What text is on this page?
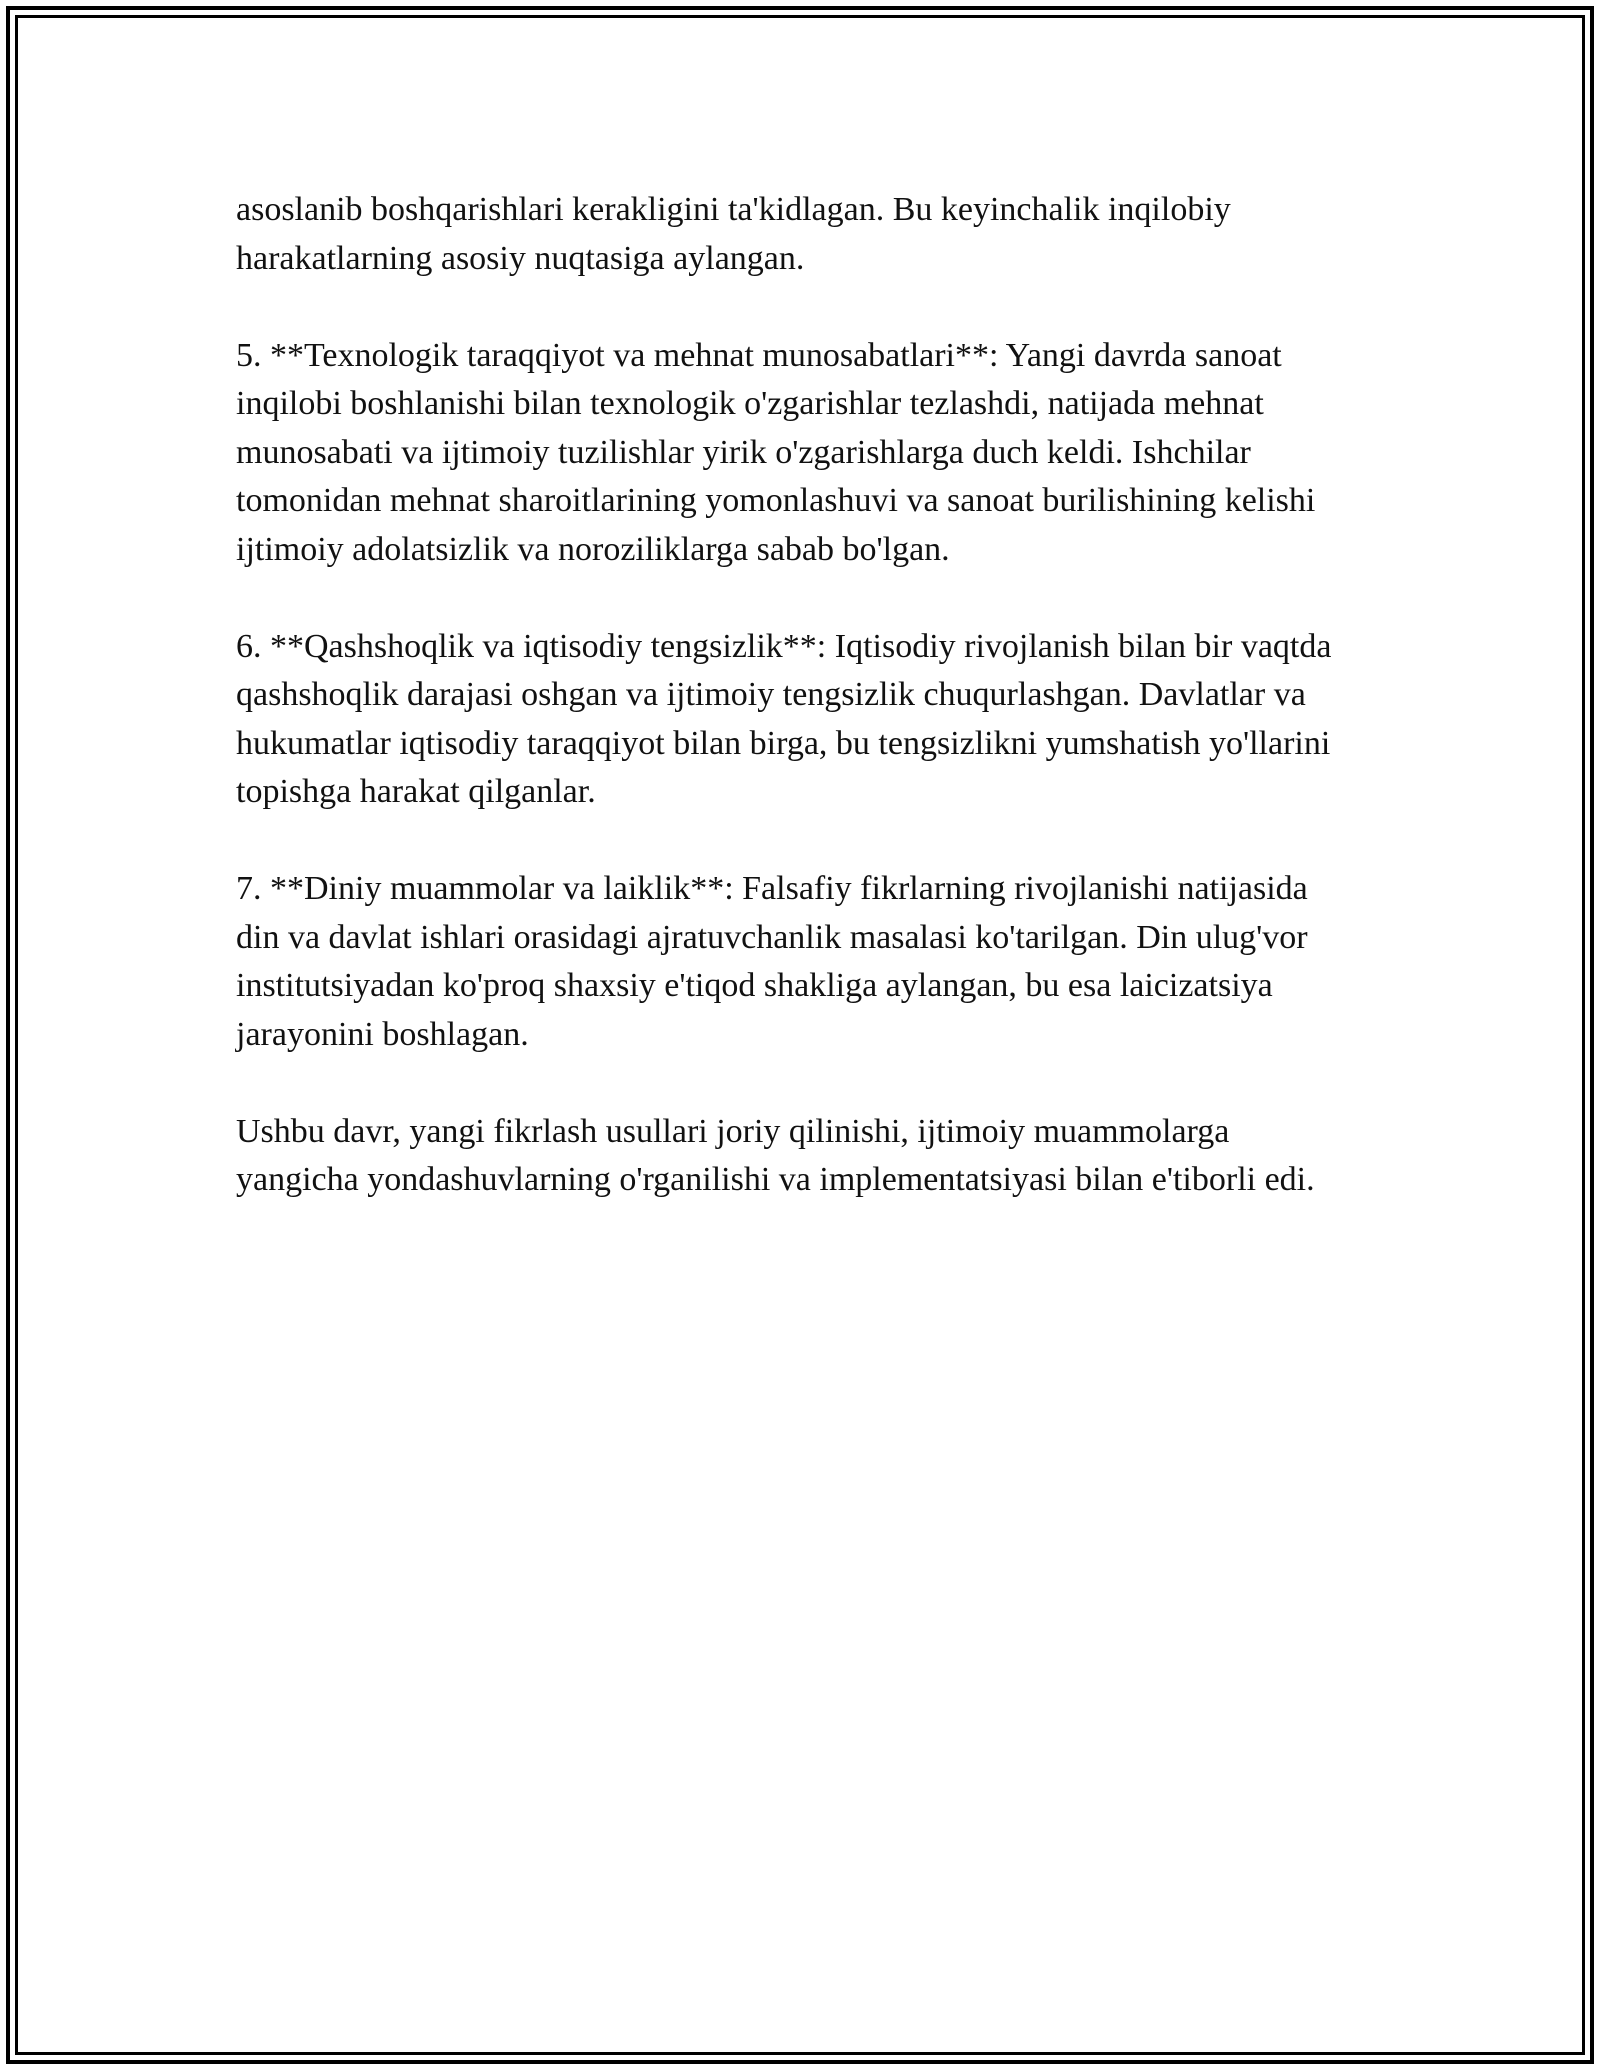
asoslanib boshqarishlari kerakligini ta'kidlagan. Bu keyinchalik inqilobiy harakatlarning asosiy nuqtasiga aylangan.

5. **Texnologik taraqqiyot va mehnat munosabatlari**: Yangi davrda sanoat inqilobi boshlanishi bilan texnologik o'zgarishlar tezlashdi, natijada mehnat munosabati va ijtimoiy tuzilishlar yirik o'zgarishlarga duch keldi. Ishchilar tomonidan mehnat sharoitlarining yomonlashuvi va sanoat burilishining kelishi ijtimoiy adolatsizlik va noroziliklarga sabab bo'lgan.

6. **Qashshoqlik va iqtisodiy tengsizlik**: Iqtisodiy rivojlanish bilan bir vaqtda qashshoqlik darajasi oshgan va ijtimoiy tengsizlik chuqurlashgan. Davlatlar va hukumatlar iqtisodiy taraqqiyot bilan birga, bu tengsizlikni yumshatish yo'llarini topishga harakat qilganlar.

7. **Diniy muammolar va laiklik**: Falsafiy fikrlarning rivojlanishi natijasida din va davlat ishlari orasidagi ajratuvchanlik masalasi ko'tarilgan. Din ulug'vor institutsiyadan ko'proq shaxsiy e'tiqod shakliga aylangan, bu esa laicizatsiya jarayonini boshlagan.

Ushbu davr, yangi fikrlash usullari joriy qilinishi, ijtimoiy muammolarga yangicha yondashuvlarning o'rganilishi va implementatsiyasi bilan e'tiborli edi.
